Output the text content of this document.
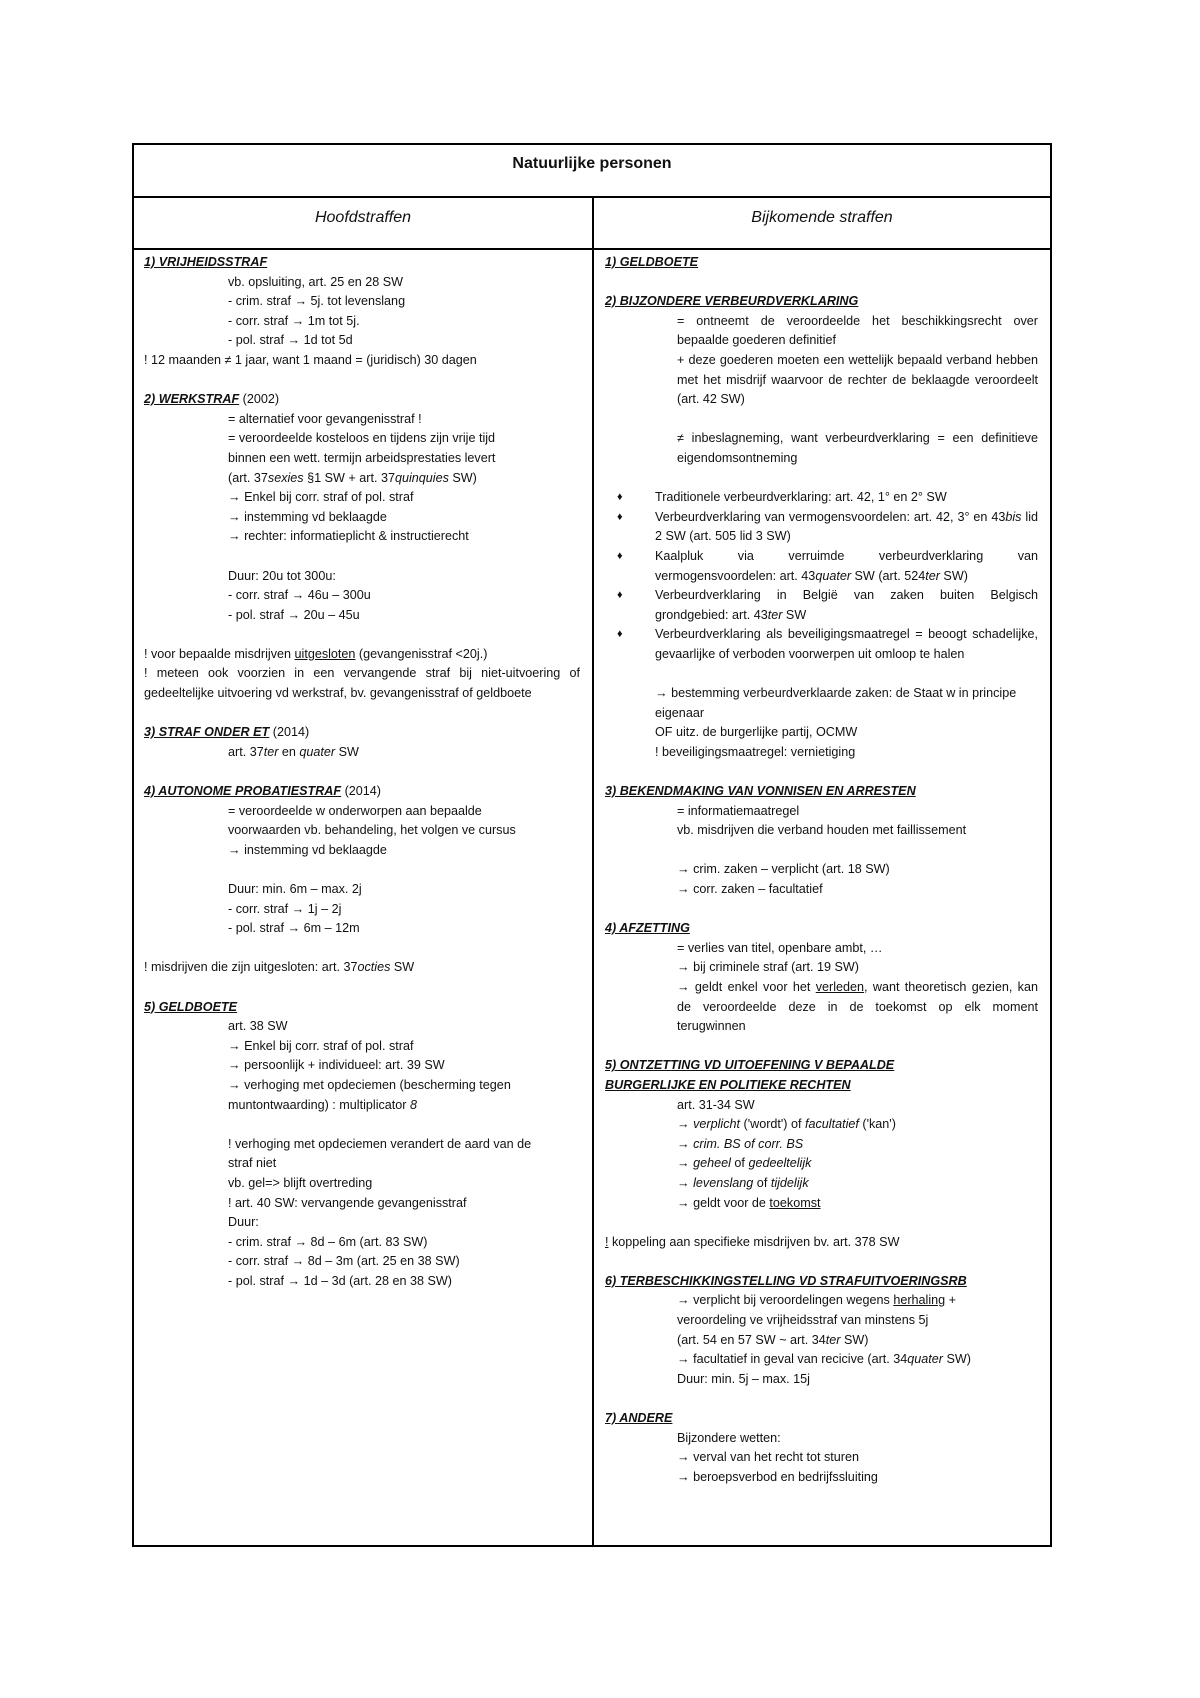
Natuurlijke personen
Hoofdstraffen	Bijkomende straffen
1) VRIJHEIDSSTRAF
vb. opsluiting, art. 25 en 28 SW
- crim. straf → 5j. tot levenslang
- corr. straf → 1m tot 5j.
- pol. straf → 1d tot 5d
! 12 maanden ≠ 1 jaar, want 1 maand = (juridisch) 30 dagen
2) WERKSTRAF (2002)
= alternatief voor gevangenisstraf !
= veroordeelde kosteloos en tijdens zijn vrije tijd
binnen een wett. termijn arbeidsprestaties levert
(art. 37sexies §1 SW + art. 37quinquies SW)
→ Enkel bij corr. straf of pol. straf
→ instemming vd beklaagde
→ rechter: informatieplicht & instructierecht
Duur: 20u tot 300u:
- corr. straf → 46u – 300u
- pol. straf → 20u – 45u
! voor bepaalde misdrijven uitgesloten (gevangenisstraf <20j.)
! meteen ook voorzien in een vervangende straf bij niet-uitvoering of gedeeltelijke uitvoering vd werkstraf, bv. gevangenisstraf of geldboete
3) STRAF ONDER ET (2014)
art. 37ter en quater SW
4) AUTONOME PROBATIESTRAF (2014)
= veroordeelde w onderworpen aan bepaalde
voorwaarden vb. behandeling, het volgen ve cursus
→ instemming vd beklaagde
Duur: min. 6m – max. 2j
- corr. straf → 1j – 2j
- pol. straf → 6m – 12m
! misdrijven die zijn uitgesloten: art. 37octies SW
5) GELDBOETE
art. 38 SW
→ Enkel bij corr. straf of pol. straf
→ persoonlijk + individueel: art. 39 SW
→ verhoging met opdeciemen (bescherming tegen
muntontwaarding) : multiplicator 8
! verhoging met opdeciemen verandert de aard van de
straf niet
vb. gel=> blijft overtreding
! art. 40 SW: vervangende gevangenisstraf
Duur:
- crim. straf → 8d – 6m (art. 83 SW)
- corr. straf → 8d – 3m (art. 25 en 38 SW)
- pol. straf → 1d – 3d (art. 28 en 38 SW)
1) GELDBOETE
2) BIJZONDERE VERBEURDVERKLARING
= ontneemt de veroordeelde het beschikkingsrecht over bepaalde goederen definitief
+ deze goederen moeten een wettelijk bepaald verband hebben met het misdrijf waarvoor de rechter de beklaagde veroordeelt (art. 42 SW)
≠ inbeslagneming, want verbeurdverklaring = een definitieve eigendomsontneming
♦ Traditionele verbeurdverklaring: art. 42, 1° en 2° SW
♦ Verbeurdverklaring van vermogensvoordelen: art. 42, 3° en 43bis lid 2 SW (art. 505 lid 3 SW)
♦ Kaalpluk via verruimde verbeurdverklaring van vermogensvoordelen: art. 43quater SW (art. 524ter SW)
♦ Verbeurdverklaring in België van zaken buiten Belgisch grondgebied: art. 43ter SW
♦ Verbeurdverklaring als beveiligingsmaatregel = beoogt schadelijke, gevaarlijke of verboden voorwerpen uit omloop te halen
→ bestemming verbeurdverklaarde zaken: de Staat w in principe eigenaar
OF uitz. de burgerlijke partij, OCMW
! beveiligingsmaatregel: vernietiging
3) BEKENDMAKING VAN VONNISEN EN ARRESTEN
= informatiemaatregel
vb. misdrijven die verband houden met faillissement
→ crim. zaken – verplicht (art. 18 SW)
→ corr. zaken – facultatief
4) AFZETTING
= verlies van titel, openbare ambt, …
→ bij criminele straf (art. 19 SW)
→ geldt enkel voor het verleden, want theoretisch gezien, kan de veroordeelde deze in de toekomst op elk moment terugwinnen
5) ONTZETTING VD UITOEFENING V BEPAALDE
BURGERLIJKE EN POLITIEKE RECHTEN
art. 31-34 SW
→ verplicht ('wordt') of facultatief ('kan')
→ crim. BS of corr. BS
→ geheel of gedeeltelijk
→ levenslang of tijdelijk
→ geldt voor de toekomst
! koppeling aan specifieke misdrijven bv. art. 378 SW
6) TERBESCHIKKINGSTELLING VD STRAFUITVOERINGSRB
→ verplicht bij veroordelingen wegens herhaling +
veroordeling ve vrijheidsstraf van minstens 5j
(art. 54 en 57 SW ~ art. 34ter SW)
→ facultatief in geval van recicive (art. 34quater SW)
Duur: min. 5j – max. 15j
7) ANDERE
Bijzondere wetten:
→ verval van het recht tot sturen
→ beroepsverbod en bedrijfssluiting
